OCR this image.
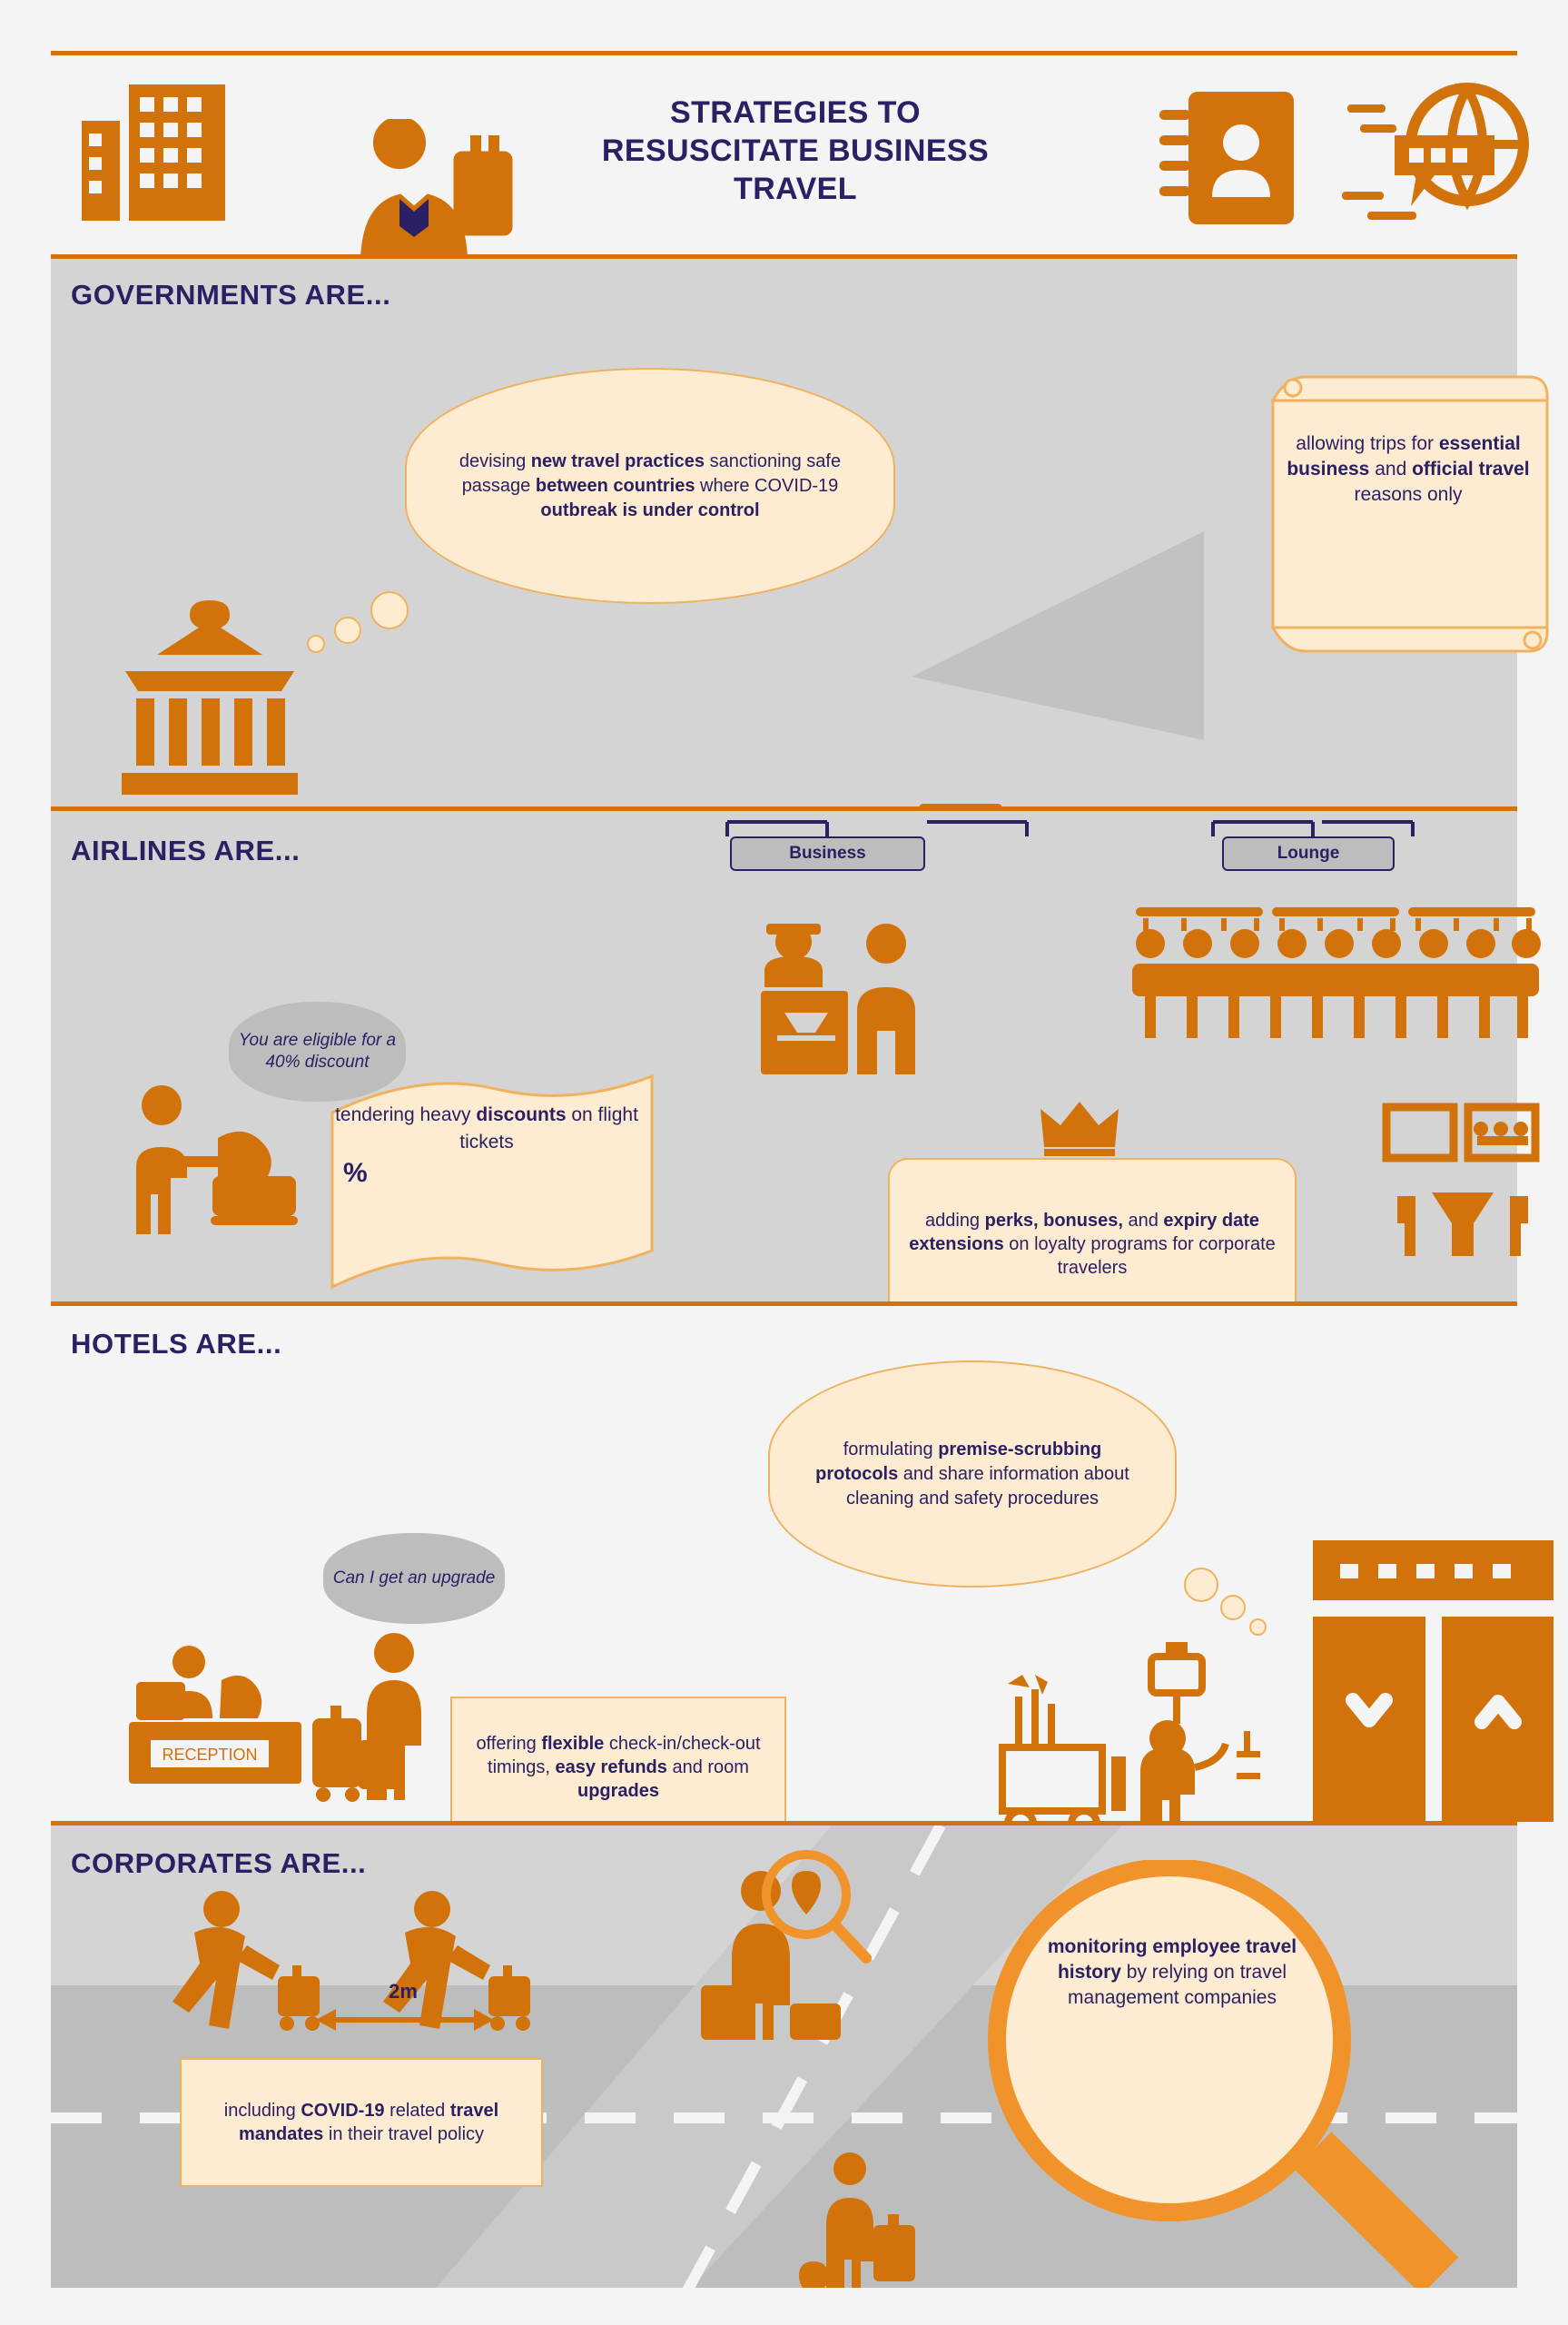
STRATEGIES TO RESUSCITATE BUSINESS TRAVEL
GOVERNMENTS ARE...
devising new travel practices sanctioning safe passage between countries where COVID-19 outbreak is under control
allowing trips for essential business and official travel reasons only
AIRLINES ARE...	Business	Lounge
You are eligible for a 40% discount
tendering heavy discounts on flight tickets
%
adding perks, bonuses, and expiry date extensions on loyalty programs for corporate travelers
HOTELS ARE...
formulating premise-scrubbing protocols and share information about cleaning and safety procedures
Can I get an upgrade
RECEPTION
offering flexible check-in/check-out timings, easy refunds and room upgrades
CORPORATES ARE...
2m
including COVID-19 related travel mandates in their travel policy
monitoring employee travel history by relying on travel management companies
